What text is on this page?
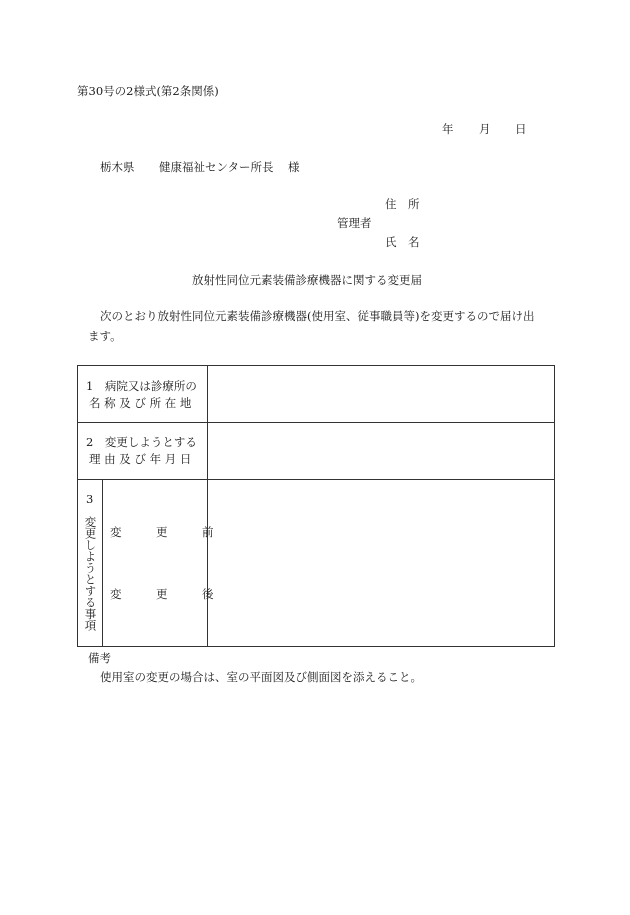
第30号の2様式(第2条関係)
年 月 日
栃木県 健康福祉センター所長 様
住　所
管理者
氏　名
放射性同位元素装備診療機器に関する変更届
次のとおり放射性同位元素装備診療機器(使用室、従事職員等)を変更するので届け出
ます。
1　病院又は診療所の
名 称 及 び 所 在 地
2　変更しようとする
理 由 及 び 年 月 日
3
変更しようとする事項 変　　　更　　　前
変　　　更　　　後
備考
使用室の変更の場合は、室の平面図及び側面図を添えること。
